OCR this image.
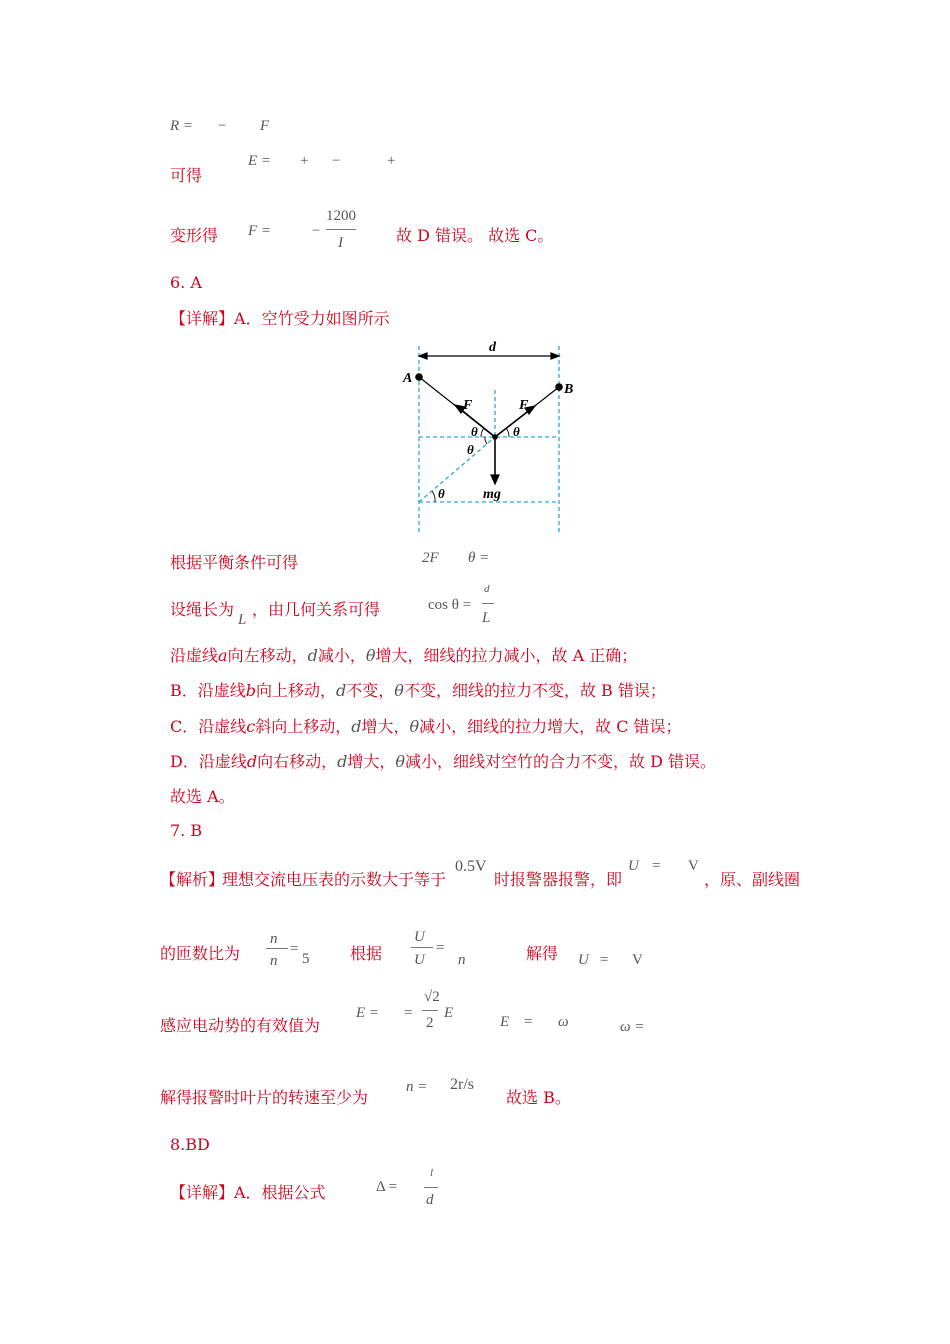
R = − F
可得
E = + −	+
变形得 F =	−
1200
I	故 D 错误。 故选 C。
6. A
【详解】A．空竹受力如图所示
d
A
B
F	F
θ	θ
θ
θ	mg
根据平衡条件可得	2F θ =
设绳长为
L
，由几何关系可得	cos θ =
d
L
沿虚线a向左移动，d减小，θ增大，细线的拉力减小，故 A 正确；
B．沿虚线b向上移动，d不变，θ不变，细线的拉力不变，故 B 错误；
C．沿虚线c斜向上移动，d增大，θ减小，细线的拉力增大，故 C 错误；
D．沿虚线d向右移动，d增大，θ减小，细线对空竹的合力不变，故 D 错误。
故选 A。
7. B
【解析】
理想交流电压表的示数大于等于
0.5V
时报警器报警，即
U = V
，原、副线圈
的匝数比为
n
n
=
5	根据
U
U
=
n	解得 U = V
感应电动势的有效值为
E = =
√2
2
E
E = ω	ω =
解得报警时叶片的转速至少为
n = 2r/s
故选 B。
8.BD
【详解】 A．根据公式	Δ =
l
d
